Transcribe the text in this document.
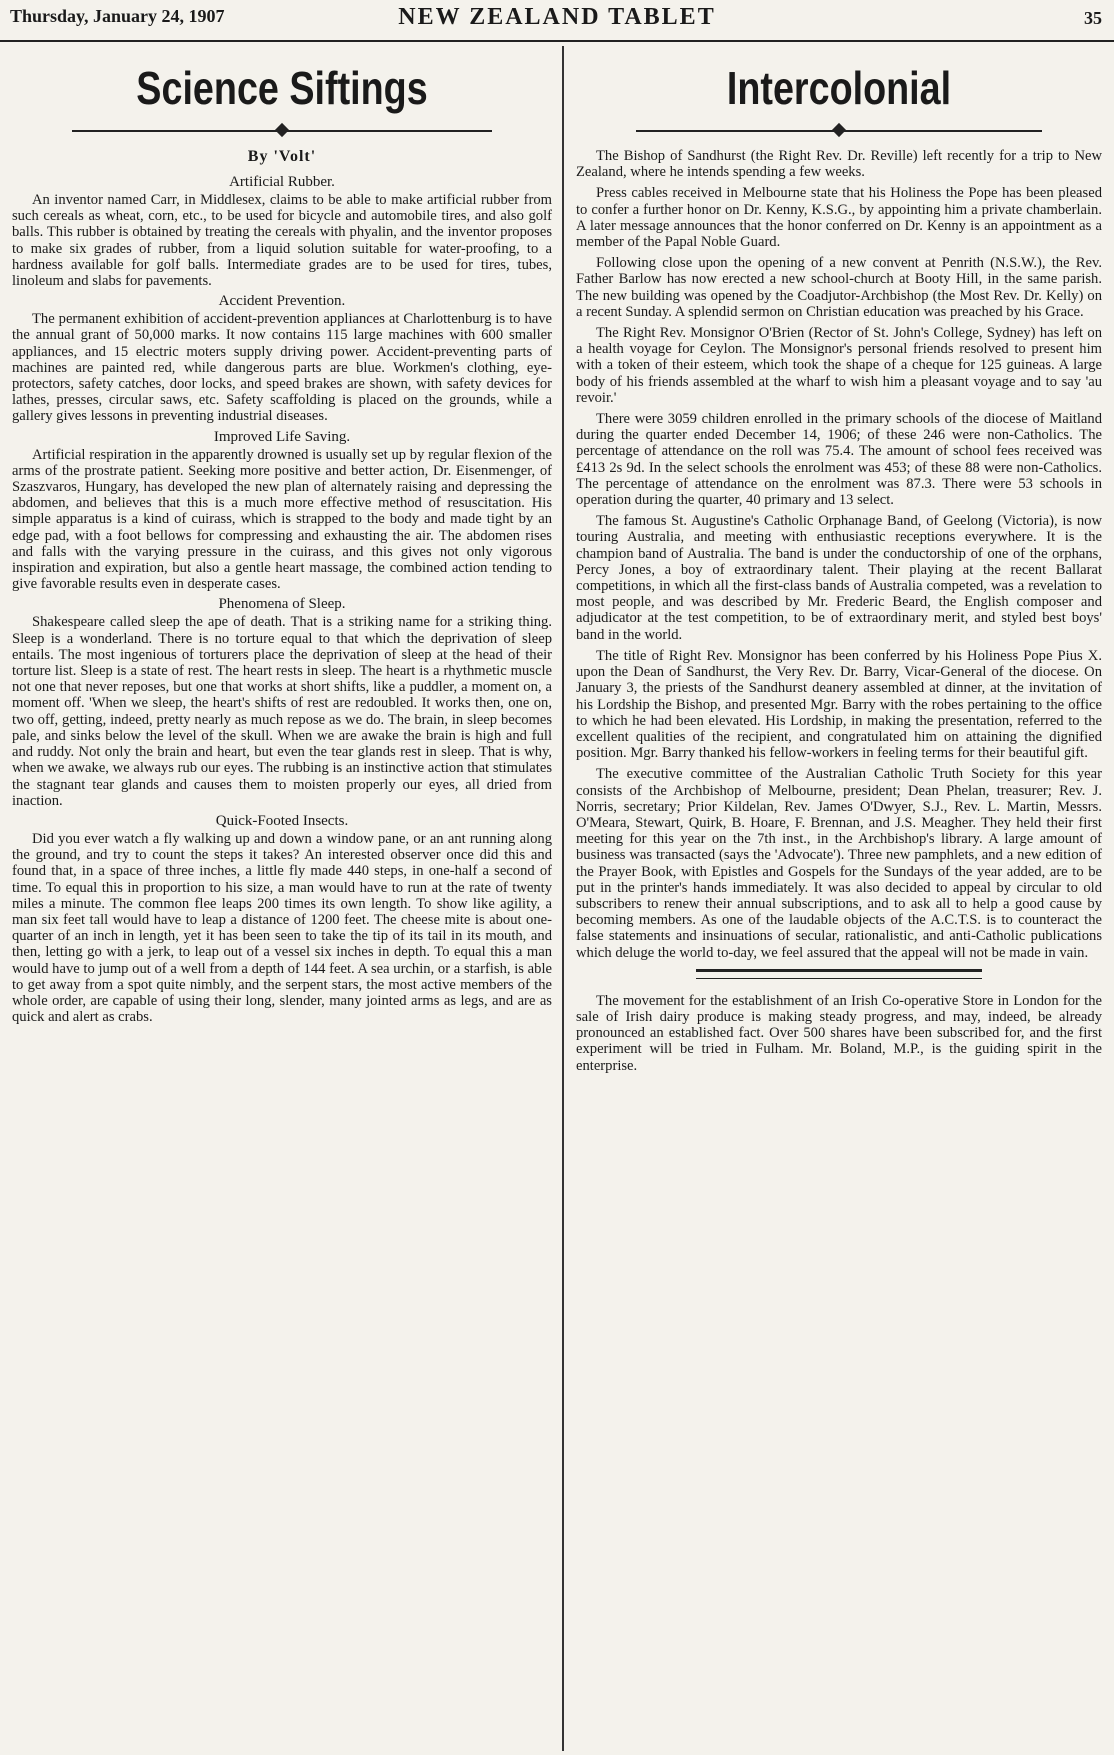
Thursday, January 24, 1907	NEW ZEALAND TABLET	35
Science Siftings
By 'Volt'
Artificial Rubber.

An inventor named Carr, in Middlesex, claims to be able to make artificial rubber from such cereals as wheat, corn, etc., to be used for bicycle and automobile tires, and also golf balls. This rubber is obtained by treating the cereals with phyalin, and the inventor proposes to make six grades of rubber, from a liquid solution suitable for water-proofing, to a hardness available for golf balls. Intermediate grades are to be used for tires, tubes, linoleum and slabs for pavements.

Accident Prevention.

The permanent exhibition of accident-prevention appliances at Charlottenburg is to have the annual grant of 50,000 marks. It now contains 115 large machines with 600 smaller appliances, and 15 electric moters supply driving power. Accident-preventing parts of machines are painted red, while dangerous parts are blue. Workmen's clothing, eye-protectors, safety catches, door locks, and speed brakes are shown, with safety devices for lathes, presses, circular saws, etc. Safety scaffolding is placed on the grounds, while a gallery gives lessons in preventing industrial diseases.

Improved Life Saving.

Artificial respiration in the apparently drowned is usually set up by regular flexion of the arms of the prostrate patient. Seeking more positive and better action, Dr. Eisenmenger, of Szaszvaros, Hungary, has developed the new plan of alternately raising and depressing the abdomen, and believes that this is a much more effective method of resuscitation. His simple apparatus is a kind of cuirass, which is strapped to the body and made tight by an edge pad, with a foot bellows for compressing and exhausting the air. The abdomen rises and falls with the varying pressure in the cuirass, and this gives not only vigorous inspiration and expiration, but also a gentle heart massage, the combined action tending to give favorable results even in desperate cases.

Phenomena of Sleep.

Shakespeare called sleep the ape of death. That is a striking name for a striking thing. Sleep is a wonderland. There is no torture equal to that which the deprivation of sleep entails. The most ingenious of torturers place the deprivation of sleep at the head of their torture list. Sleep is a state of rest. The heart rests in sleep. The heart is a rhythmetic muscle not one that never reposes, but one that works at short shifts, like a puddler, a moment on, a moment off. 'When we sleep, the heart's shifts of rest are redoubled. It works then, one on, two off, getting, indeed, pretty nearly as much repose as we do. The brain, in sleep becomes pale, and sinks below the level of the skull. When we are awake the brain is high and full and ruddy. Not only the brain and heart, but even the tear glands rest in sleep. That is why, when we awake, we always rub our eyes. The rubbing is an instinctive action that stimulates the stagnant tear glands and causes them to moisten properly our eyes, all dried from inaction.

Quick-Footed Insects.

Did you ever watch a fly walking up and down a window pane, or an ant running along the ground, and try to count the steps it takes? An interested observer once did this and found that, in a space of three inches, a little fly made 440 steps, in one-half a second of time. To equal this in proportion to his size, a man would have to run at the rate of twenty miles a minute. The common flee leaps 200 times its own length. To show like agility, a man six feet tall would have to leap a distance of 1200 feet. The cheese mite is about one-quarter of an inch in length, yet it has been seen to take the tip of its tail in its mouth, and then, letting go with a jerk, to leap out of a vessel six inches in depth. To equal this a man would have to jump out of a well from a depth of 144 feet. A sea urchin, or a starfish, is able to get away from a spot quite nimbly, and the serpent stars, the most active members of the whole order, are capable of using their long, slender, many jointed arms as legs, and are as quick and alert as crabs.

Intercolonial

The Bishop of Sandhurst (the Right Rev. Dr. Reville) left recently for a trip to New Zealand, where he intends spending a few weeks.

Press cables received in Melbourne state that his Holiness the Pope has been pleased to confer a further honor on Dr. Kenny, K.S.G., by appointing him a private chamberlain. A later message announces that the honor conferred on Dr. Kenny is an appointment as a member of the Papal Noble Guard.

Following close upon the opening of a new convent at Penrith (N.S.W.), the Rev. Father Barlow has now erected a new school-church at Booty Hill, in the same parish. The new building was opened by the Coadjutor-Archbishop (the Most Rev. Dr. Kelly) on a recent Sunday. A splendid sermon on Christian education was preached by his Grace.

The Right Rev. Monsignor O'Brien (Rector of St. John's College, Sydney) has left on a health voyage for Ceylon. The Monsignor's personal friends resolved to present him with a token of their esteem, which took the shape of a cheque for 125 guineas. A large body of his friends assembled at the wharf to wish him a pleasant voyage and to say 'au revoir.'

There were 3059 children enrolled in the primary schools of the diocese of Maitland during the quarter ended December 14, 1906; of these 246 were non-Catholics. The percentage of attendance on the roll was 75.4. The amount of school fees received was £413 2s 9d. In the select schools the enrolment was 453; of these 88 were non-Catholics. The percentage of attendance on the enrolment was 87.3. There were 53 schools in operation during the quarter, 40 primary and 13 select.

The famous St. Augustine's Catholic Orphanage Band, of Geelong (Victoria), is now touring Australia, and meeting with enthusiastic receptions everywhere. It is the champion band of Australia. The band is under the conductorship of one of the orphans, Percy Jones, a boy of extraordinary talent. Their playing at the recent Ballarat competitions, in which all the first-class bands of Australia competed, was a revelation to most people, and was described by Mr. Frederic Beard, the English composer and adjudicator at the test competition, to be of extraordinary merit, and styled best boys' band in the world.

The title of Right Rev. Monsignor has been conferred by his Holiness Pope Pius X. upon the Dean of Sandhurst, the Very Rev. Dr. Barry, Vicar-General of the diocese. On January 3, the priests of the Sandhurst deanery assembled at dinner, at the invitation of his Lordship the Bishop, and presented Mgr. Barry with the robes pertaining to the office to which he had been elevated. His Lordship, in making the presentation, referred to the excellent qualities of the recipient, and congratulated him on attaining the dignified position. Mgr. Barry thanked his fellow-workers in feeling terms for their beautiful gift.

The executive committee of the Australian Catholic Truth Society for this year consists of the Archbishop of Melbourne, president; Dean Phelan, treasurer; Rev. J. Norris, secretary; Prior Kildelan, Rev. James O'Dwyer, S.J., Rev. L. Martin, Messrs. O'Meara, Stewart, Quirk, B. Hoare, F. Brennan, and J.S. Meagher. They held their first meeting for this year on the 7th inst., in the Archbishop's library. A large amount of business was transacted (says the 'Advocate'). Three new pamphlets, and a new edition of the Prayer Book, with Epistles and Gospels for the Sundays of the year added, are to be put in the printer's hands immediately. It was also decided to appeal by circular to old subscribers to renew their annual subscriptions, and to ask all to help a good cause by becoming members. As one of the laudable objects of the A.C.T.S. is to counteract the false statements and insinuations of secular, rationalistic, and anti-Catholic publications which deluge the world to-day, we feel assured that the appeal will not be made in vain.

The movement for the establishment of an Irish Co-operative Store in London for the sale of Irish dairy produce is making steady progress, and may, indeed, be already pronounced an established fact. Over 500 shares have been subscribed for, and the first experiment will be tried in Fulham. Mr. Boland, M.P., is the guiding spirit in the enterprise.
